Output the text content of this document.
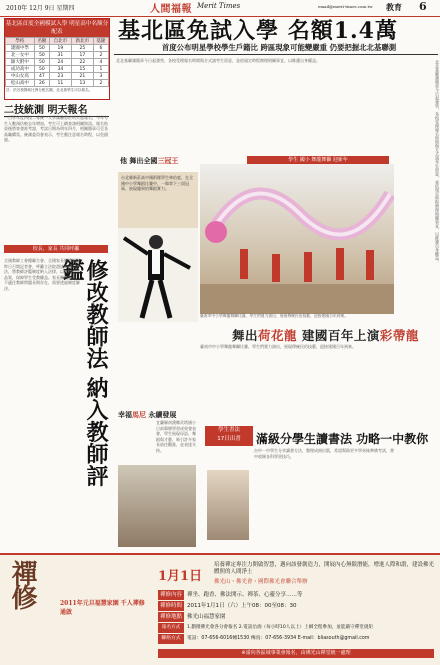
2010年 12月 9日 星期四	人間福報 Merit Times	email@merit-times.com.tw 教育 6
基北區首度全國模試入學 明星高中名額分配表
學校	名額	自北市	新北市	基隆
建國中學	50	19	25	6
北一女中	50	31	17	2
師大附中	50	24	22	4
成功高中	50	34	15	1
中山女高	47	23	21	3
松山高中	26	11	13	2
註：依各校錄取比例分配名額，北北基學生可以報名。
二技統測 明天報名
一百學年度四技二專統一入學測驗將於明天起報名，今年考生人數預估較去年增加，考生可上網查詢相關資訊。報名結束後將寄發准考證，考試日期為明年四月，相關簡章可至各高職購買。統測委員會表示，考生應注意報名時程，以免錯過。
校長、家長 共同呼籲
修改教師法 納入教師評鑑
全國教師工會總聯合會、全國家長團體聯盟昨日召開記者會，呼籲立法院盡速修改教師法，將教師評鑑制度納入法律，以提升教學品質，保障學生受教權益。家長團體指出，不適任教師問題長期存在，需要透過制度解決。
基北區免試入學 名額1.4萬
首度公布明星學校學生戶籍比 跨區現象可能變嚴重 仍要把握北北基聯測
北北基聯測簡章今日起發售，各校受理報名時間與方式請考生留意，並依規定時程辦理相關事宜，以維護自身權益。
他 舞出全國三冠王
台北縣新莊高中國術隊學生林佑庭，在全國中小學舞蹈比賽中，一舉拿下三項冠軍，展現優異的舞蹈實力。
學生 國小 舞龍舞獅 迎新年
臺南市中小學舞龍舞獅比賽，學生們賣力演出，展現傳統民俗技藝，迎接建國百年到來。
舞出荷花龍 建國百年上演彩帶龍
臺南市中小學舞龍舞獅比賽，學生們賣力演出，展現傳統民俗技藝，迎接建國百年到來。
幸福馬尼 永續發展
宜蘭縣南澳鄉武塔國小日前舉辦學習成果發表會，學生展現母語、舞蹈與才藝，吸引許多家長前往觀賞，並表達支持。
學生書法
17日出書	滿級分學生讀書法 功略一中教你
台中一中學生分享讀書方法，整理成冊出版，希望幫助更多學弟妹準備考試，書中收錄各科學習技巧。
北北基聯測簡章今日起發售，各校受理報名時間與方式請考生留意，並依規定時程辦理相關事宜，以維護自身權益。
禪修	2011年元旦福慧家園 千人禪修通啟
1月1日
培養禪定專注力開啟智慧，邁向該發創造力，開展內心無限潛能，增進人際和諧，建設佛光體照的人間淨土
佛光山・佛光會・國際佛光會聯合舉辦
禪修內容 禪坐、跑香、佛法開示、禪茶、心靈分享……等
禪修時間 2011年1月1日（六）上午08：00至08：30
禪修地點 佛光山福慧家園
報名方式 1.劃撥佛光會各分會報名 2.電話洽詢（每小時10人以上）上網全程參加，並能嚴守禪堂規矩
聯絡方式 電話：07-656-6016轉1530 傳真：07-656-3934 E-mail：bliasouth@gmail.com
※請向各區域事業會報名，由佛光山禪堂統一處理
